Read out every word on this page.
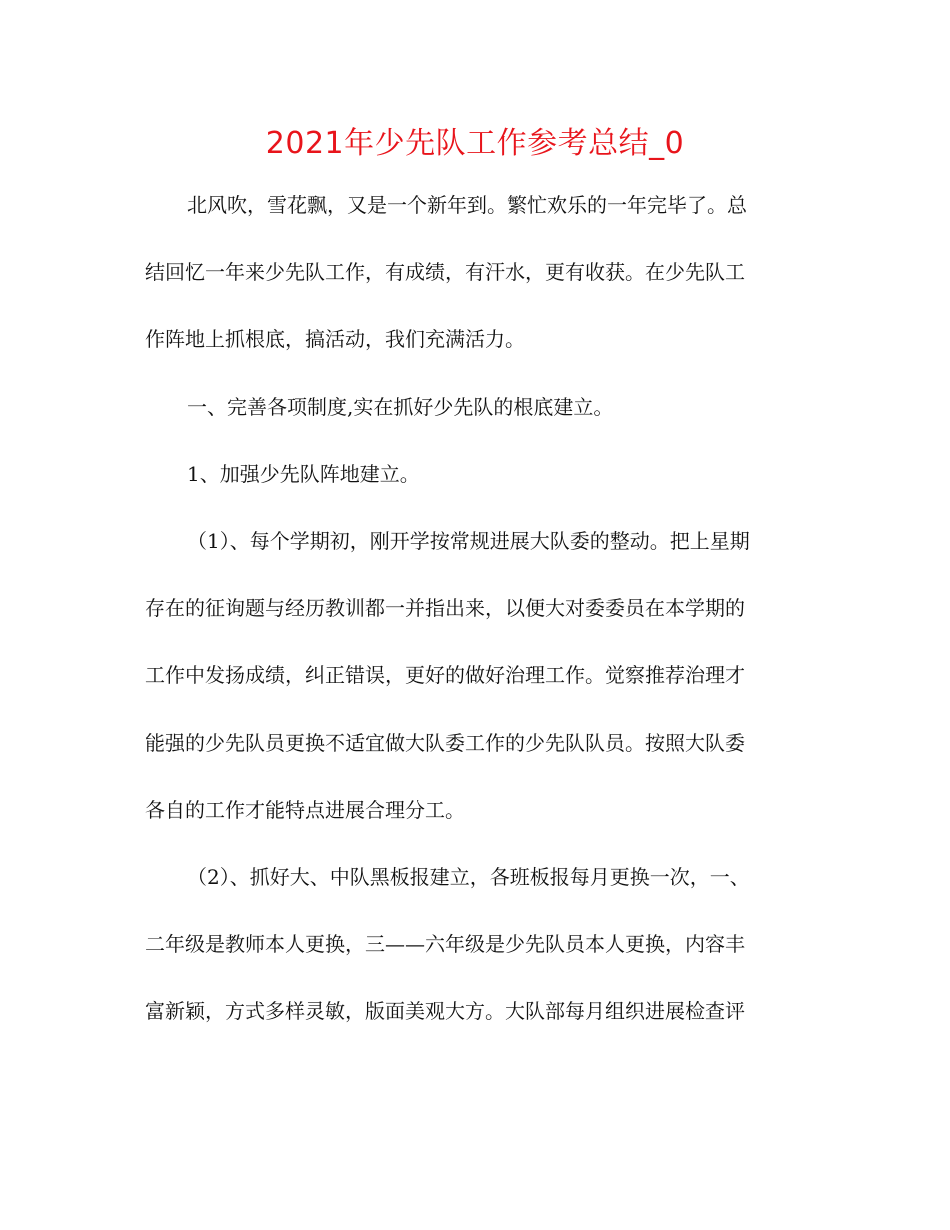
2021年少先队工作参考总结_0

北风吹，雪花飘，又是一个新年到。繁忙欢乐的一年完毕了。总
结回忆一年来少先队工作，有成绩，有汗水，更有收获。在少先队工
作阵地上抓根底，搞活动，我们充满活力。

一、完善各项制度,实在抓好少先队的根底建立。

1、加强少先队阵地建立。

（1）、每个学期初，刚开学按常规进展大队委的整动。把上星期
存在的征询题与经历教训都一并指出来，以便大对委委员在本学期的
工作中发扬成绩，纠正错误，更好的做好治理工作。觉察推荐治理才
能强的少先队员更换不适宜做大队委工作的少先队队员。按照大队委
各自的工作才能特点进展合理分工。

（2）、抓好大、中队黑板报建立，各班板报每月更换一次，一、
二年级是教师本人更换，三——六年级是少先队员本人更换，内容丰
富新颖，方式多样灵敏，版面美观大方。大队部每月组织进展检查评
